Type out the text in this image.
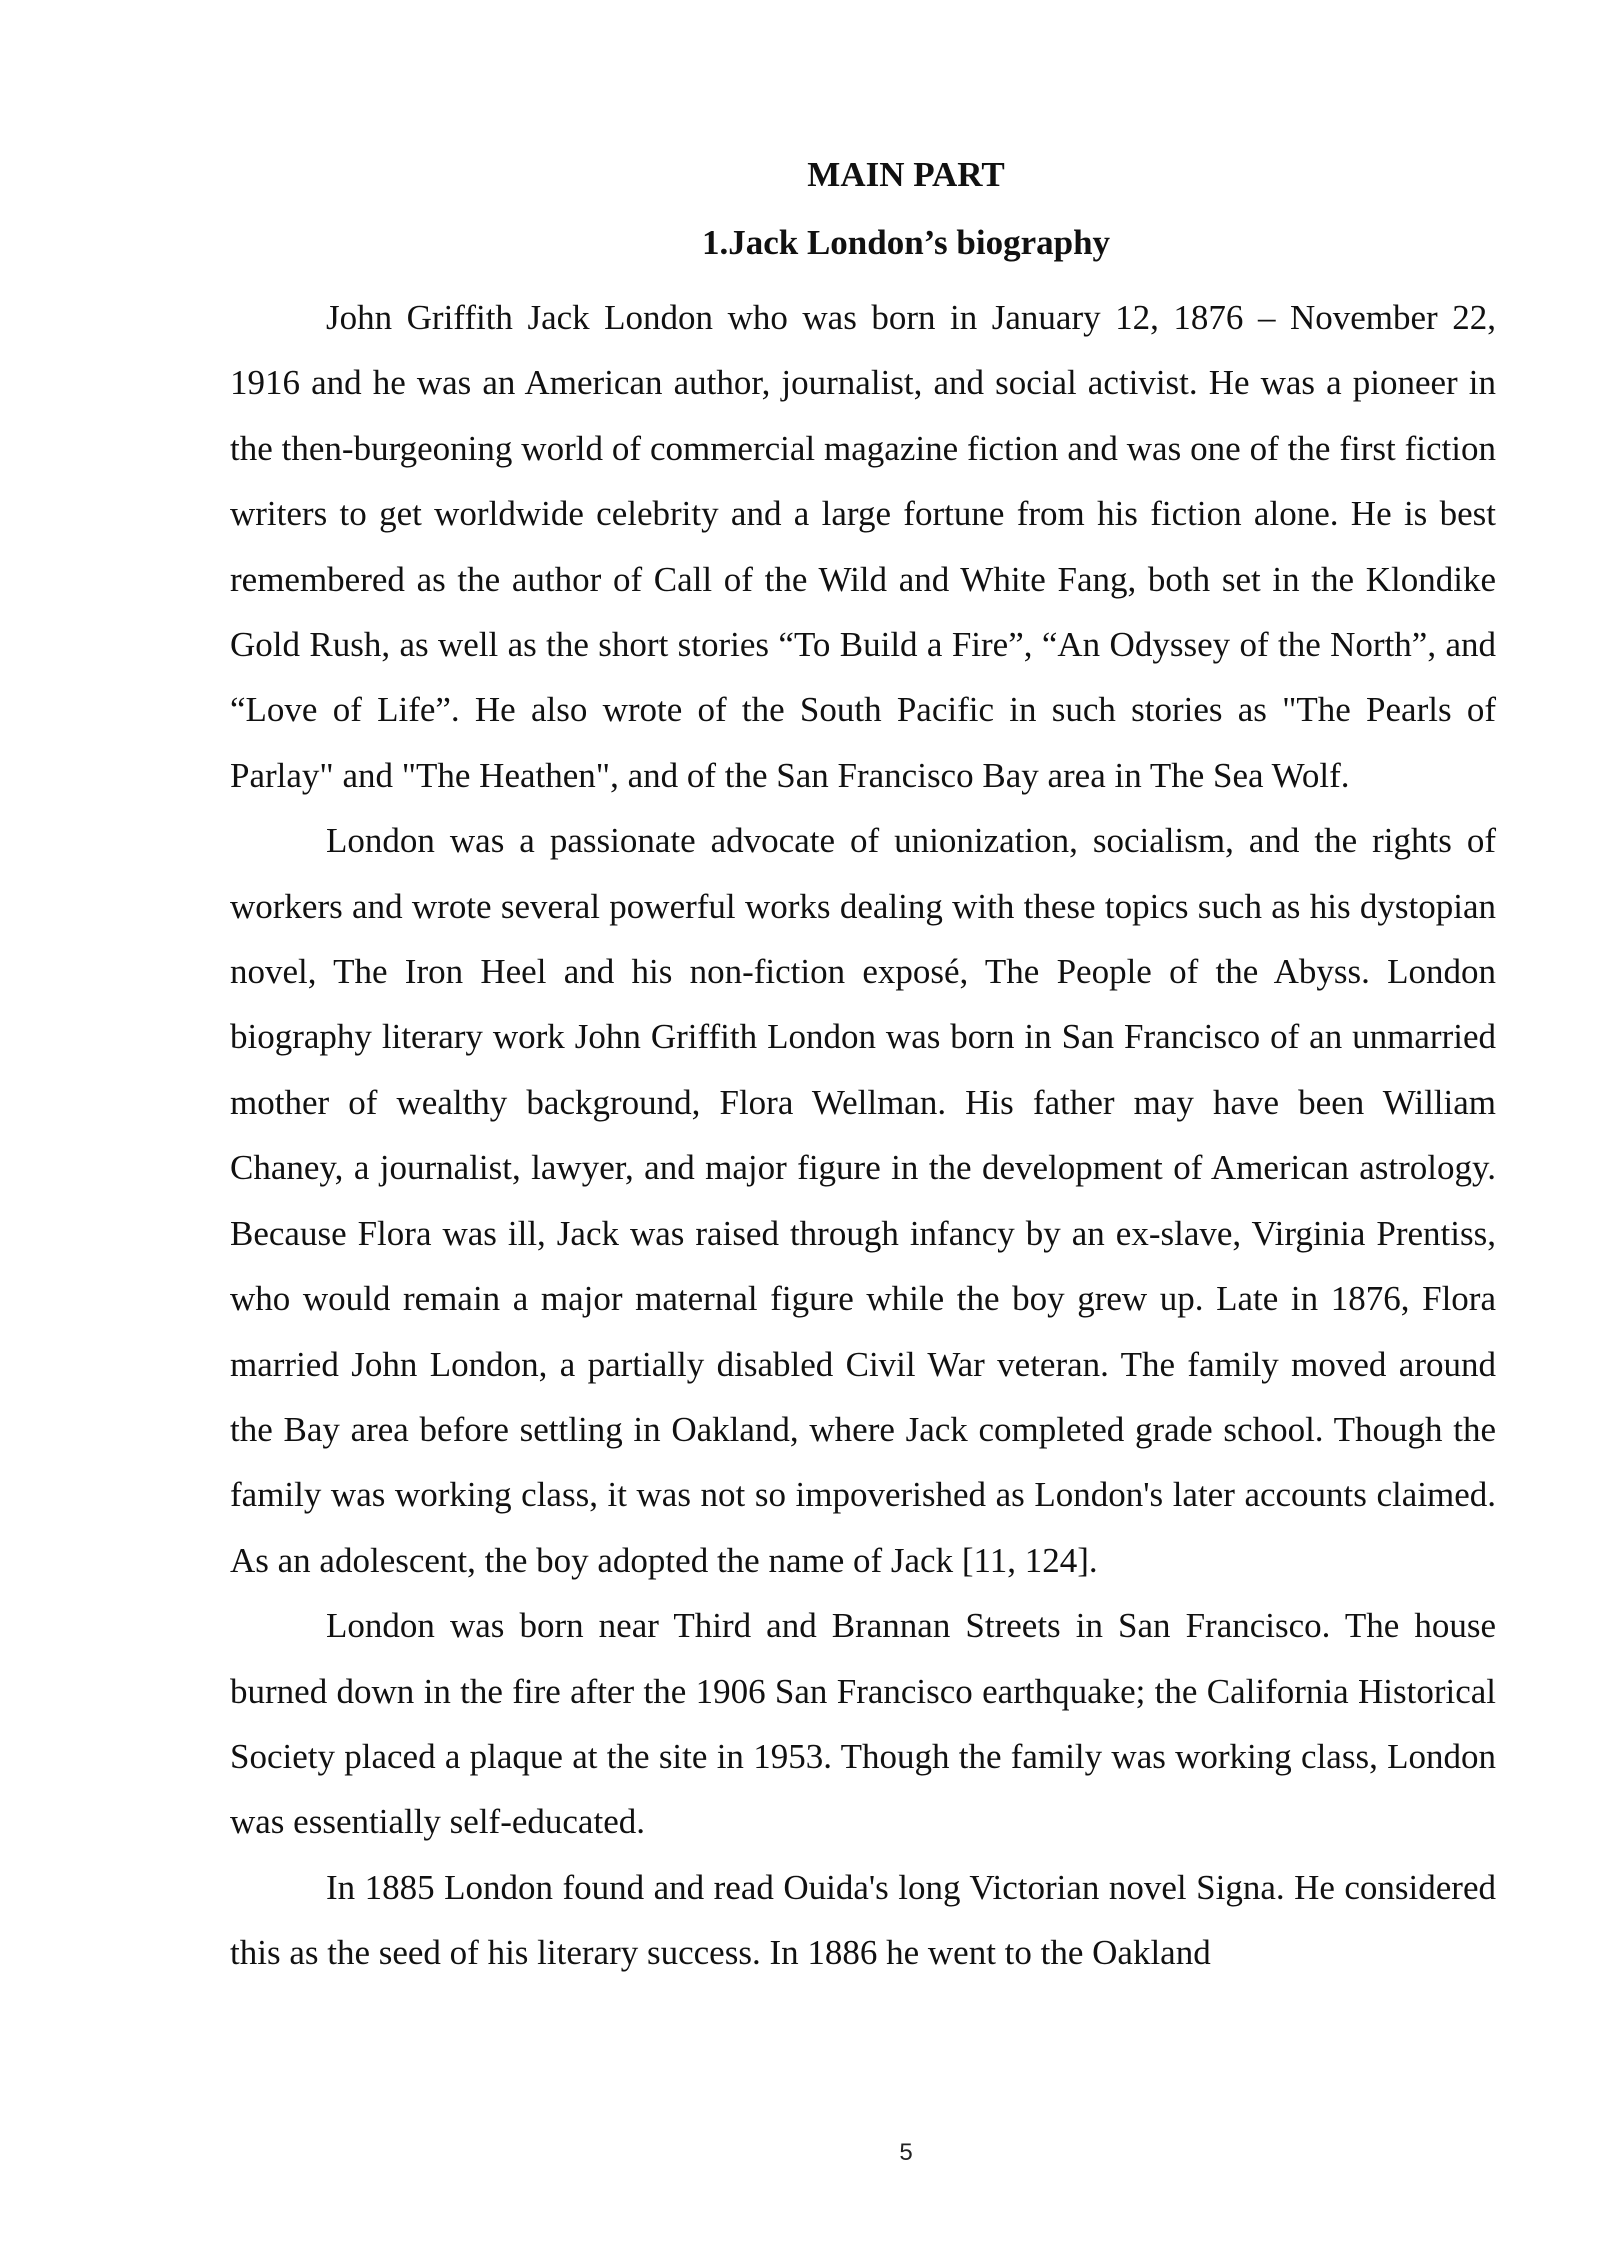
MAIN PART
1.Jack London’s biography

John Griffith Jack London who was born in January 12, 1876 – November 22, 1916 and he was an American author, journalist, and social activist. He was a pioneer in the then-burgeoning world of commercial magazine fiction and was one of the first fiction writers to get worldwide celebrity and a large fortune from his fiction alone. He is best remembered as the author of Call of the Wild and White Fang, both set in the Klondike Gold Rush, as well as the short stories “To Build a Fire”, “An Odyssey of the North”, and “Love of Life”. He also wrote of the South Pacific in such stories as "The Pearls of Parlay" and "The Heathen", and of the San Francisco Bay area in The Sea Wolf.

London was a passionate advocate of unionization, socialism, and the rights of workers and wrote several powerful works dealing with these topics such as his dystopian novel, The Iron Heel and his non-fiction exposé, The People of the Abyss. London biography literary work John Griffith London was born in San Francisco of an unmarried mother of wealthy background, Flora Wellman. His father may have been William Chaney, a journalist, lawyer, and major figure in the development of American astrology. Because Flora was ill, Jack was raised through infancy by an ex-slave, Virginia Prentiss, who would remain a major maternal figure while the boy grew up. Late in 1876, Flora married John London, a partially disabled Civil War veteran. The family moved around the Bay area before settling in Oakland, where Jack completed grade school. Though the family was working class, it was not so impoverished as London's later accounts claimed. As an adolescent, the boy adopted the name of Jack [11, 124].

London was born near Third and Brannan Streets in San Francisco. The house burned down in the fire after the 1906 San Francisco earthquake; the California Historical Society placed a plaque at the site in 1953. Though the family was working class, London was essentially self-educated.

In 1885 London found and read Ouida's long Victorian novel Signa. He considered this as the seed of his literary success. In 1886 he went to the Oakland

5
